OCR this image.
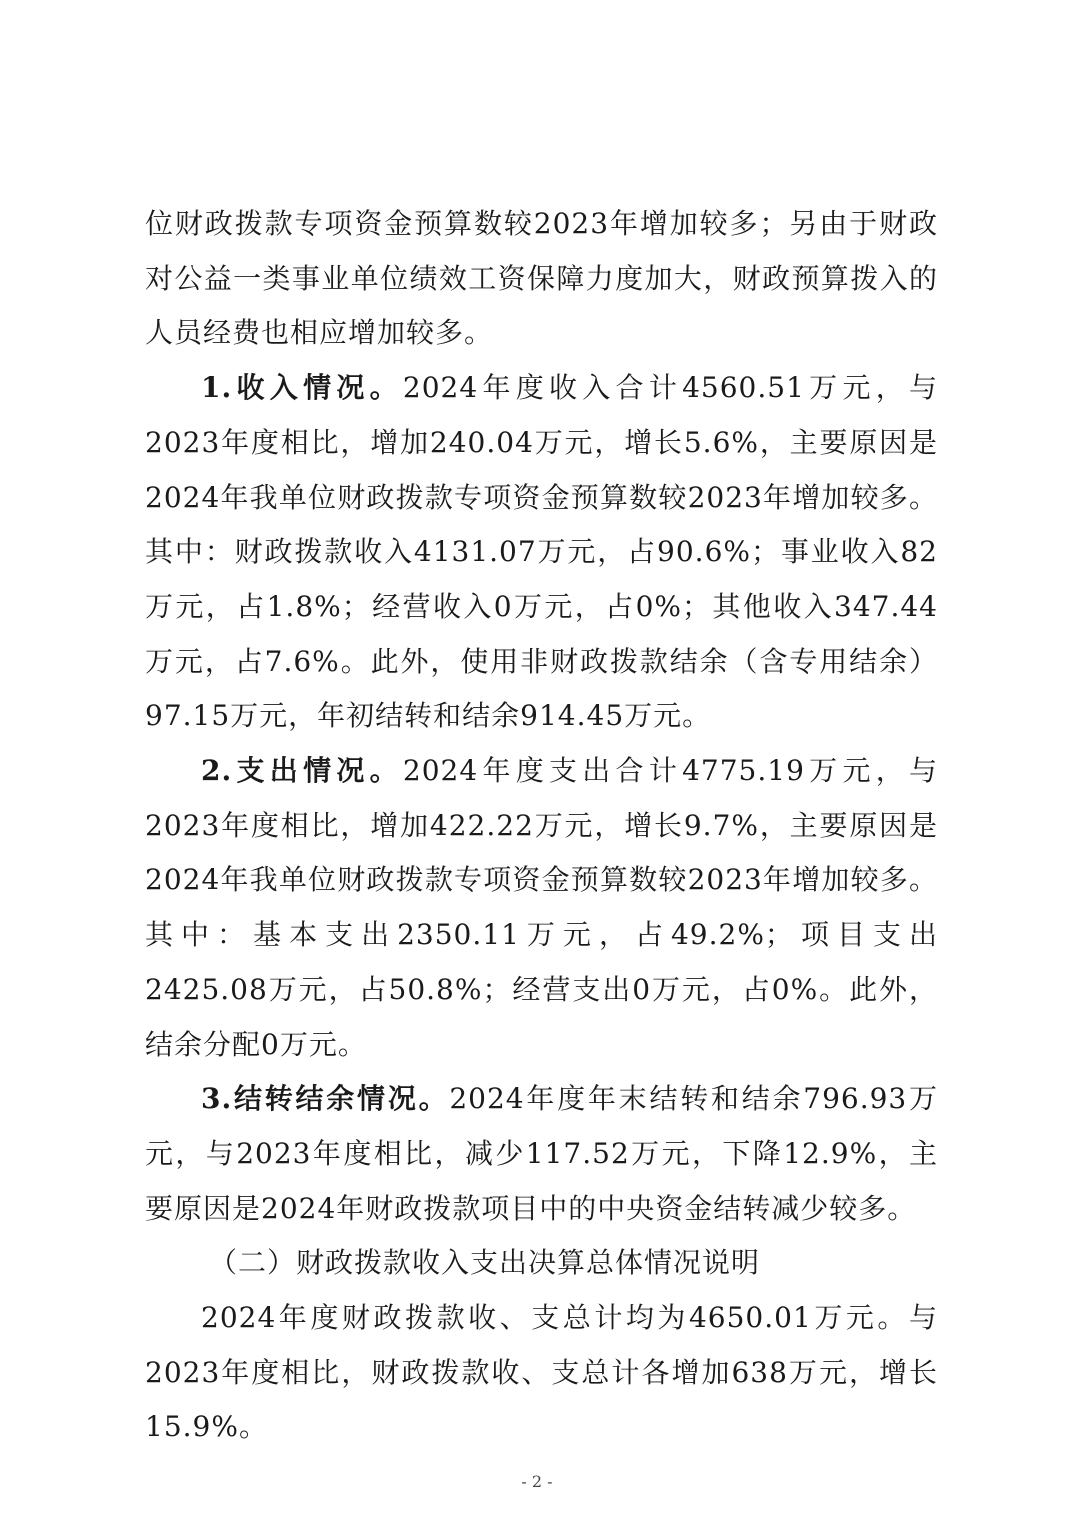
位财政拨款专项资金预算数较2023年增加较多；另由于财政对公益一类事业单位绩效工资保障力度加大，财政预算拨入的人员经费也相应增加较多。

1.收入情况。2024年度收入合计4560.51万元，与2023年度相比，增加240.04万元，增长5.6%，主要原因是2024年我单位财政拨款专项资金预算数较2023年增加较多。其中：财政拨款收入4131.07万元，占90.6%；事业收入82万元，占1.8%；经营收入0万元，占0%；其他收入347.44万元，占7.6%。此外，使用非财政拨款结余（含专用结余）97.15万元，年初结转和结余914.45万元。

2.支出情况。2024年度支出合计4775.19万元，与2023年度相比，增加422.22万元，增长9.7%，主要原因是2024年我单位财政拨款专项资金预算数较2023年增加较多。其中：基本支出2350.11万元，占49.2%；项目支出2425.08万元，占50.8%；经营支出0万元，占0%。此外，结余分配0万元。

3.结转结余情况。2024年度年末结转和结余796.93万元，与2023年度相比，减少117.52万元，下降12.9%，主要原因是2024年财政拨款项目中的中央资金结转减少较多。

（二）财政拨款收入支出决算总体情况说明

2024年度财政拨款收、支总计均为4650.01万元。与2023年度相比，财政拨款收、支总计各增加638万元，增长15.9%。

- 2 -
